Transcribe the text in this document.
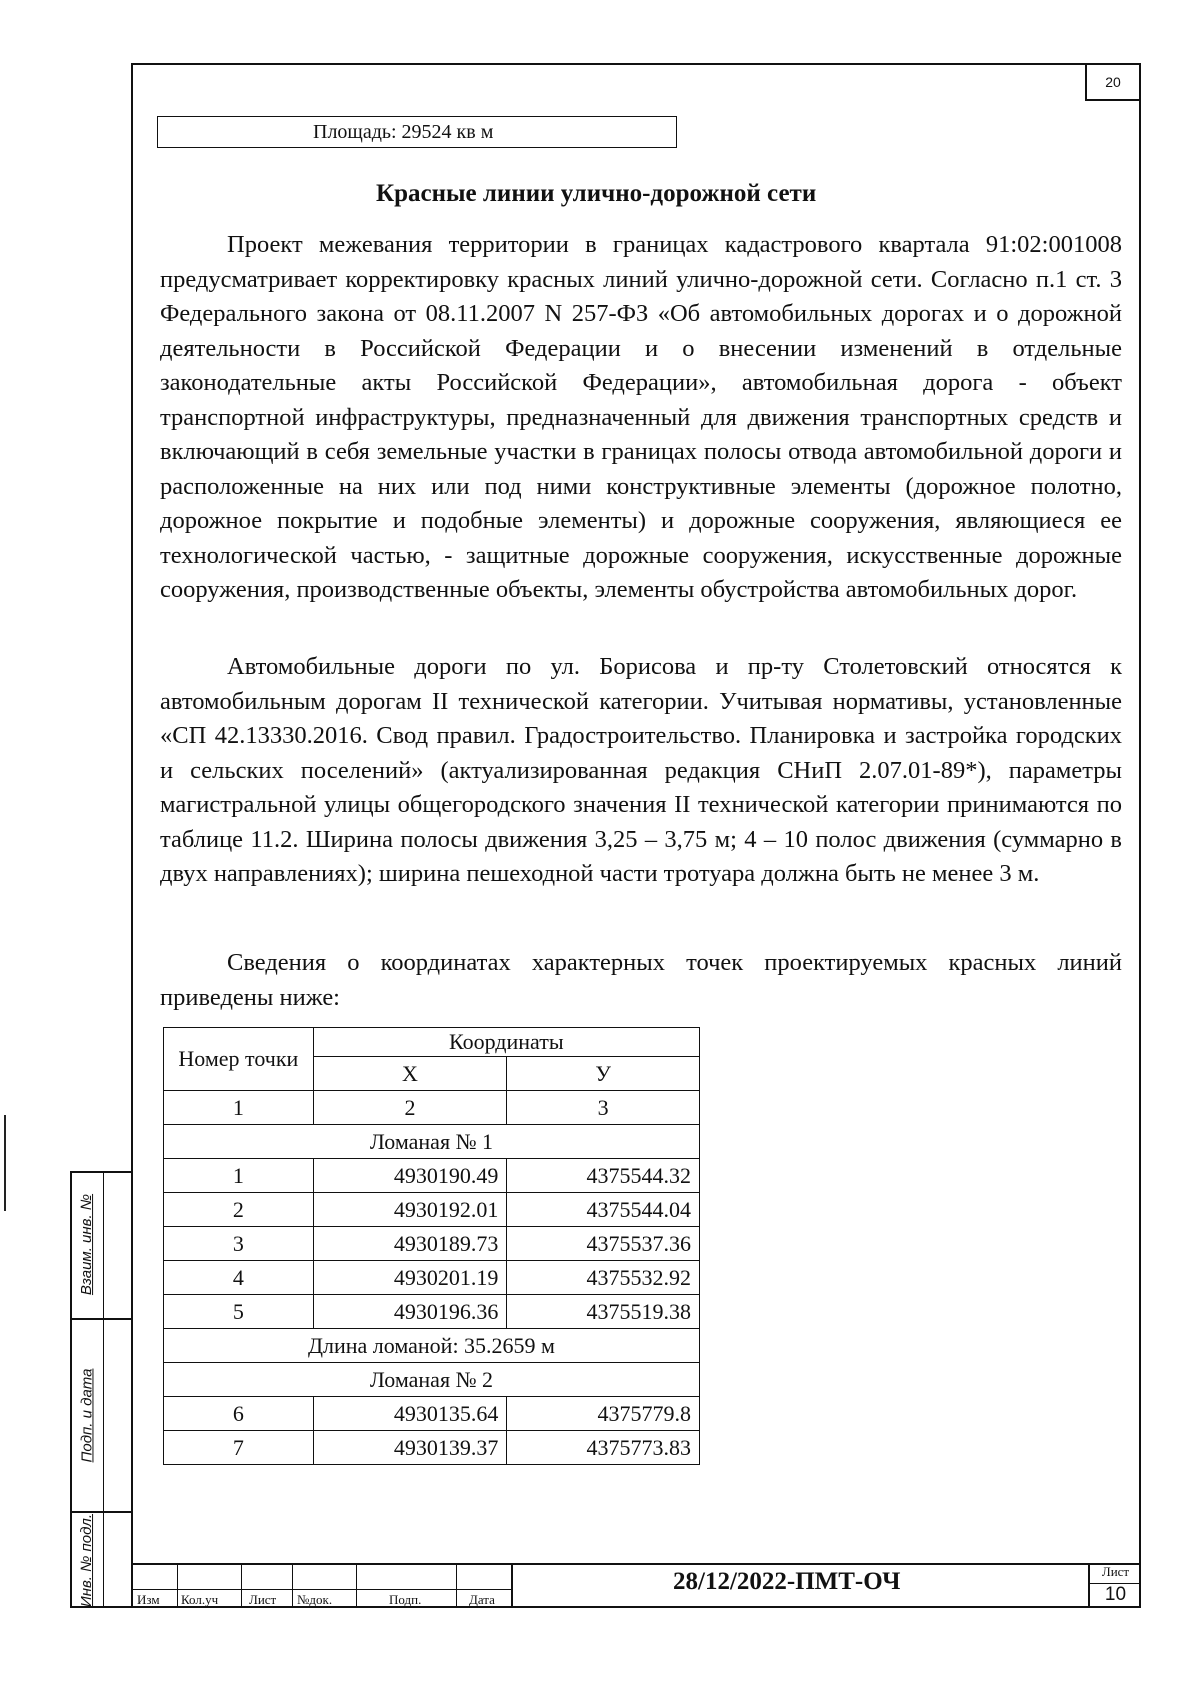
20
Площадь: 29524 кв м
Красные линии улично-дорожной сети

Проект межевания территории в границах кадастрового квартала 91:02:001008 предусматривает корректировку красных линий улично-дорожной сети. Согласно п.1 ст. 3 Федерального закона от 08.11.2007 N 257-ФЗ «Об автомобильных дорогах и о дорожной деятельности в Российской Федерации и о внесении изменений в отдельные законодательные акты Российской Федерации», автомобильная дорога - объект транспортной инфраструктуры, предназначенный для движения транспортных средств и включающий в себя земельные участки в границах полосы отвода автомобильной дороги и расположенные на них или под ними конструктивные элементы (дорожное полотно, дорожное покрытие и подобные элементы) и дорожные сооружения, являющиеся ее технологической частью, - защитные дорожные сооружения, искусственные дорожные сооружения, производственные объекты, элементы обустройства автомобильных дорог.

Автомобильные дороги по ул. Борисова и пр-ту Столетовский относятся к автомобильным дорогам II технической категории. Учитывая нормативы, установленные «СП 42.13330.2016. Свод правил. Градостроительство. Планировка и застройка городских и сельских поселений» (актуализированная редакция СНиП 2.07.01-89*), параметры магистральной улицы общегородского значения II технической категории принимаются по таблице 11.2. Ширина полосы движения 3,25 – 3,75 м; 4 – 10 полос движения (суммарно в двух направлениях); ширина пешеходной части тротуара должна быть не менее 3 м.

Сведения о координатах характерных точек проектируемых красных линий приведены ниже:

Номер точки	Координаты	
	Х	У
1	2	3
Ломаная № 1		
1	4930190.49	4375544.32
2	4930192.01	4375544.04
3	4930189.73	4375537.36
4	4930201.19	4375532.92
5	4930196.36	4375519.38
Длина ломаной: 35.2659 м		
Ломаная № 2		
6	4930135.64	4375779.8
7	4930139.37	4375773.83
Взаим. инв. №
Подп. и дата
Инв. № подл.	Изм Кол.уч Лист №док.	Подп.	Дата
28/12/2022-ПМТ-ОЧ	Лист
10
